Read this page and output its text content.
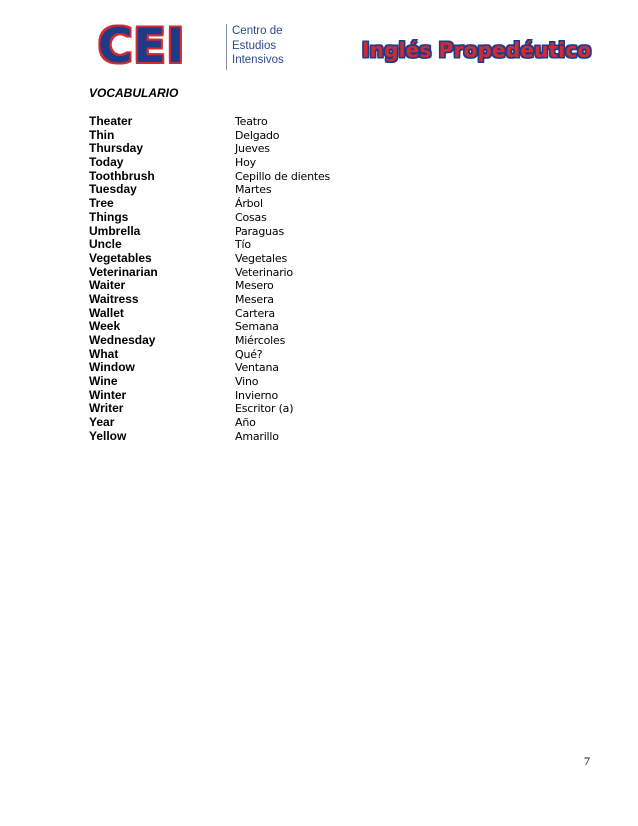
CEI	Centro de
Estudios
Intensivos	Inglés Propedéutico
VOCABULARIO
Theater	Teatro
Thin	Delgado
Thursday	Jueves
Today	Hoy
Toothbrush	Cepillo de dientes
Tuesday	Martes
Tree	Árbol
Things	Cosas
Umbrella	Paraguas
Uncle	Tío
Vegetables	Vegetales
Veterinarian	Veterinario
Waiter	Mesero
Waitress	Mesera
Wallet	Cartera
Week	Semana
Wednesday	Miércoles
What	Qué?
Window	Ventana
Wine	Vino
Winter	Invierno
Writer	Escritor (a)
Year	Año
Yellow	Amarillo
7
